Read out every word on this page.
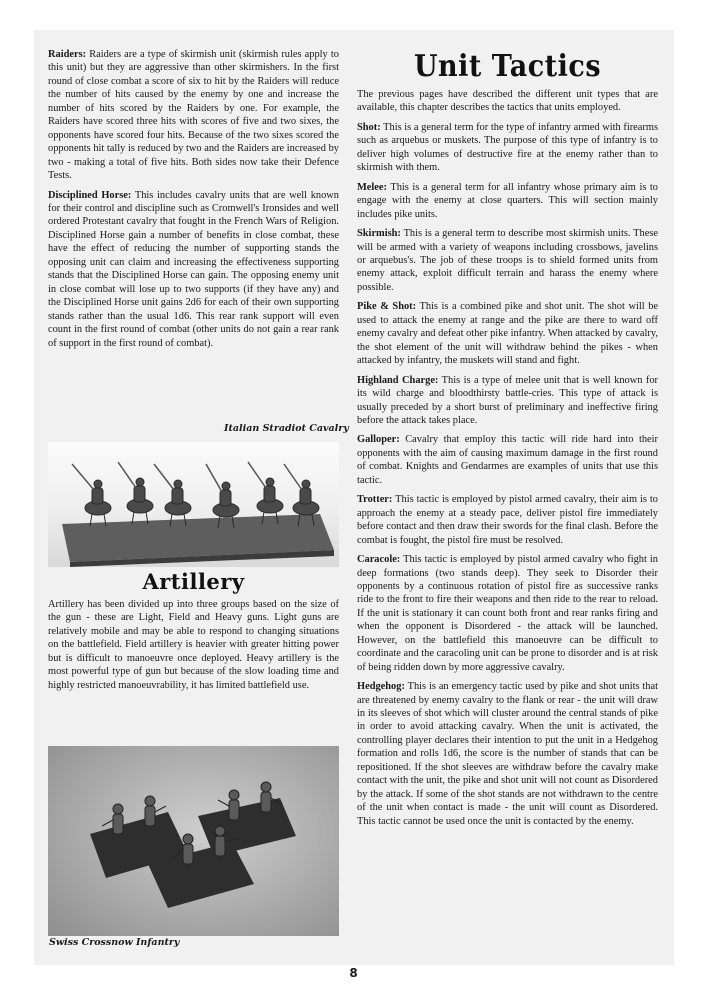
Raiders: Raiders are a type of skirmish unit (skirmish rules apply to this unit) but they are aggressive than other skirmishers. In the first round of close combat a score of six to hit by the Raiders will reduce the number of hits caused by the enemy by one and increase the number of hits scored by the Raiders by one. For example, the Raiders have scored three hits with scores of five and two sixes, the opponents have scored four hits. Because of the two sixes scored the opponents hit tally is reduced by two and the Raiders are increased by two - making a total of five hits. Both sides now take their Defence Tests.

Disciplined Horse: This includes cavalry units that are well known for their control and discipline such as Cromwell's Ironsides and well ordered Protestant cavalry that fought in the French Wars of Religion. Disciplined Horse gain a number of benefits in close combat, these have the effect of reducing the number of supporting stands the opposing unit can claim and increasing the effectiveness supporting stands that the Disciplined Horse can gain. The opposing enemy unit in close combat will lose up to two supports (if they have any) and the Disciplined Horse unit gains 2d6 for each of their own supporting stands rather than the usual 1d6. This rear rank support will even count in the first round of combat (other units do not gain a rear rank of support in the first round of combat).

Italian Stradiot Cavalry
Artillery

Artillery has been divided up into three groups based on the size of the gun - these are Light, Field and Heavy guns. Light guns are relatively mobile and may be able to respond to changing situations on the battlefield. Field artillery is heavier with greater hitting power but is difficult to manoeuvre once deployed. Heavy artillery is the most powerful type of gun but because of the slow loading time and highly restricted manoeuvrability, it has limited battlefield use.

Swiss Crossnow Infantry
Unit Tactics

The previous pages have described the different unit types that are available, this chapter describes the tactics that units employed.

Shot: This is a general term for the type of infantry armed with firearms such as arquebus or muskets. The purpose of this type of infantry is to deliver high volumes of destructive fire at the enemy rather than to skirmish with them.

Melee: This is a general term for all infantry whose primary aim is to engage with the enemy at close quarters. This will section mainly includes pike units.

Skirmish: This is a general term to describe most skirmish units. These will be armed with a variety of weapons including crossbows, javelins or arquebus's. The job of these troops is to shield formed units from enemy attack, exploit difficult terrain and harass the enemy where possible.

Pike & Shot: This is a combined pike and shot unit. The shot will be used to attack the enemy at range and the pike are there to ward off enemy cavalry and defeat other pike infantry. When attacked by cavalry, the shot element of the unit will withdraw behind the pikes - when attacked by infantry, the muskets will stand and fight.

Highland Charge: This is a type of melee unit that is well known for its wild charge and bloodthirsty battle-cries. This type of attack is usually preceded by a short burst of preliminary and ineffective firing before the attack takes place.

Galloper: Cavalry that employ this tactic will ride hard into their opponents with the aim of causing maximum damage in the first round of combat. Knights and Gendarmes are examples of units that use this tactic.

Trotter: This tactic is employed by pistol armed cavalry, their aim is to approach the enemy at a steady pace, deliver pistol fire immediately before contact and then draw their swords for the final clash. Before the combat is fought, the pistol fire must be resolved.

Caracole: This tactic is employed by pistol armed cavalry who fight in deep formations (two stands deep). They seek to Disorder their opponents by a continuous rotation of pistol fire as successive ranks ride to the front to fire their weapons and then ride to the rear to reload. If the unit is stationary it can count both front and rear ranks firing and when the opponent is Disordered - the attack will be launched. However, on the battlefield this manoeuvre can be difficult to coordinate and the caracoling unit can be prone to disorder and is at risk of being ridden down by more aggressive cavalry.

Hedgehog: This is an emergency tactic used by pike and shot units that are threatened by enemy cavalry to the flank or rear - the unit will draw in its sleeves of shot which will cluster around the central stands of pike in order to avoid attacking cavalry. When the unit is activated, the controlling player declares their intention to put the unit in a Hedgehog formation and rolls 1d6, the score is the number of stands that can be repositioned. If the shot sleeves are withdraw before the cavalry make contact with the unit, the pike and shot unit will not count as Disordered by the attack. If some of the shot stands are not withdrawn to the centre of the unit when contact is made - the unit will count as Disordered. This tactic cannot be used once the unit is contacted by the enemy.

8
